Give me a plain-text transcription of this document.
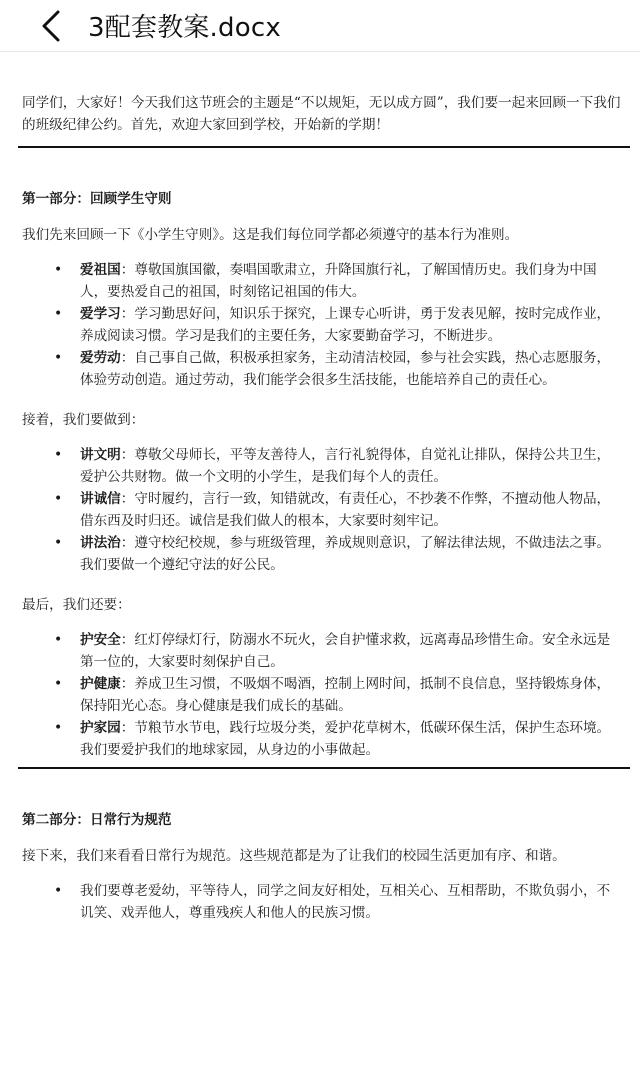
3配套教案.docx

同学们，大家好！今天我们这节班会的主题是“不以规矩，无以成方圆”，我们要一起来回顾一下我们的班级纪律公约。首先，欢迎大家回到学校，开始新的学期！

第一部分：回顾学生守则

我们先来回顾一下《小学生守则》。这是我们每位同学都必须遵守的基本行为准则。

• 爱祖国：尊敬国旗国徽，奏唱国歌肃立，升降国旗行礼，了解国情历史。我们身为中国人，要热爱自己的祖国，时刻铭记祖国的伟大。
• 爱学习：学习勤思好问，知识乐于探究，上课专心听讲，勇于发表见解，按时完成作业，养成阅读习惯。学习是我们的主要任务，大家要勤奋学习，不断进步。
• 爱劳动：自己事自己做，积极承担家务，主动清洁校园，参与社会实践，热心志愿服务，体验劳动创造。通过劳动，我们能学会很多生活技能，也能培养自己的责任心。

接着，我们要做到：

• 讲文明：尊敬父母师长，平等友善待人，言行礼貌得体，自觉礼让排队，保持公共卫生，爱护公共财物。做一个文明的小学生，是我们每个人的责任。
• 讲诚信：守时履约，言行一致，知错就改，有责任心，不抄袭不作弊，不擅动他人物品，借东西及时归还。诚信是我们做人的根本，大家要时刻牢记。
• 讲法治：遵守校纪校规，参与班级管理，养成规则意识，了解法律法规，不做违法之事。我们要做一个遵纪守法的好公民。

最后，我们还要：

• 护安全：红灯停绿灯行，防溺水不玩火，会自护懂求救，远离毒品珍惜生命。安全永远是第一位的，大家要时刻保护自己。
• 护健康：养成卫生习惯，不吸烟不喝酒，控制上网时间，抵制不良信息，坚持锻炼身体，保持阳光心态。身心健康是我们成长的基础。
• 护家园：节粮节水节电，践行垃圾分类，爱护花草树木，低碳环保生活，保护生态环境。我们要爱护我们的地球家园，从身边的小事做起。
第二部分：日常行为规范

接下来，我们来看看日常行为规范。这些规范都是为了让我们的校园生活更加有序、和谐。

• 我们要尊老爱幼，平等待人，同学之间友好相处，互相关心、互相帮助，不欺负弱小，不讥笑、戏弄他人，尊重残疾人和他人的民族习惯。
